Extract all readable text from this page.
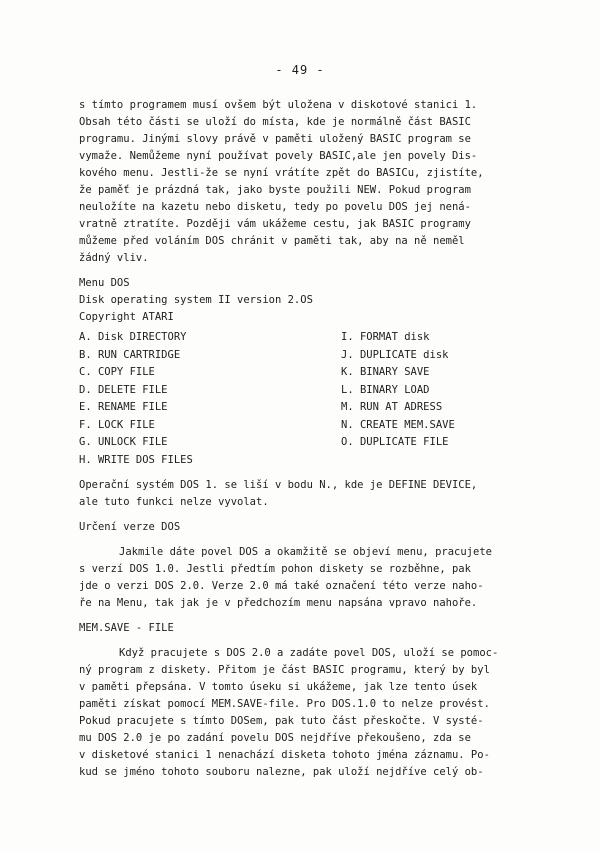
- 49 -
s tímto programem musí ovšem být uložena v diskotové stanici 1.
Obsah této části se uloží do místa, kde je normálně část BASIC
programu. Jinými slovy právě v paměti uložený BASIC program se
vymaže. Nemůžeme nyní používat povely BASIC,ale jen povely Dis-
kového menu. Jestli-že se nyní vrátíte zpět do BASICu, zjistíte,
že paměť je prázdná tak, jako byste použili NEW. Pokud program
neuložíte na kazetu nebo disketu, tedy po povelu DOS jej nená-
vratně ztratíte. Později vám ukážeme cestu, jak BASIC programy
můžeme před voláním DOS chránit v paměti tak, aby na ně neměl
žádný vliv.
Menu DOS
Disk operating system II version 2.OS
Copyright ATARI
A. Disk DIRECTORY	I. FORMAT disk
B. RUN CARTRIDGE	J. DUPLICATE disk
C. COPY FILE	K. BINARY SAVE
D. DELETE FILE	L. BINARY LOAD
E. RENAME FILE	M. RUN AT ADRESS
F. LOCK FILE	N. CREATE MEM.SAVE
G. UNLOCK FILE	O. DUPLICATE FILE
H. WRITE DOS FILES
Operační systém DOS 1. se liší v bodu N., kde je DEFINE DEVICE,
ale tuto funkci nelze vyvolat.
Určení verze DOS
Jakmile dáte povel DOS a okamžitě se objeví menu, pracujete
s verzí DOS 1.0. Jestli předtím pohon diskety se rozběhne, pak
jde o verzi DOS 2.0. Verze 2.0 má také označení této verze naho-
ře na Menu, tak jak je v předchozím menu napsána vpravo nahoře.
MEM.SAVE - FILE
Když pracujete s DOS 2.0 a zadáte povel DOS, uloží se pomoc-
ný program z diskety. Přitom je část BASIC programu, který by byl
v paměti přepsána. V tomto úseku si ukážeme, jak lze tento úsek
paměti získat pomocí MEM.SAVE-file. Pro DOS.1.0 to nelze provést.
Pokud pracujete s tímto DOSem, pak tuto část přeskočte. V systé-
mu DOS 2.0 je po zadání povelu DOS nejdříve překoušeno, zda se
v disketové stanici 1 nenachází disketa tohoto jména záznamu. Po-
kud se jméno tohoto souboru nalezne, pak uloží nejdříve celý ob-
